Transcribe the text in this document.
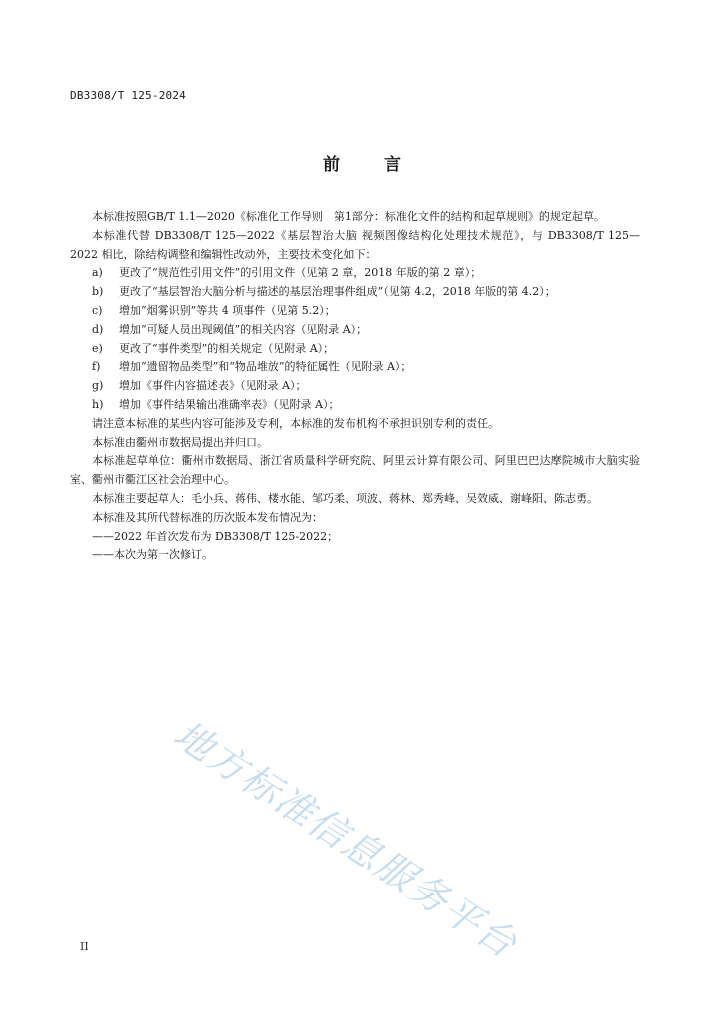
DB3308/T 125-2024
前	言

本标准按照GB/T 1.1—2020《标准化工作导则　第1部分：标准化文件的结构和起草规则》的规定起草。

本标准代替 DB3308/T 125—2022《基层智治大脑 视频图像结构化处理技术规范》，与 DB3308/T 125—2022 相比，除结构调整和编辑性改动外，主要技术变化如下：

a)	更改了“规范性引用文件”的引用文件（见第 2 章，2018 年版的第 2 章）；
b)	更改了“基层智治大脑分析与描述的基层治理事件组成”（见第 4.2，2018 年版的第 4.2）；
c)	增加“烟雾识别”等共 4 项事件（见第 5.2）；
d)	增加“可疑人员出现阈值”的相关内容（见附录 A）；
e)	更改了“事件类型”的相关规定（见附录 A）；
f)	增加“遗留物品类型”和“物品堆放”的特征属性（见附录 A）；
g)	增加《事件内容描述表》（见附录 A）；
h)	增加《事件结果输出准确率表》（见附录 A）；

请注意本标准的某些内容可能涉及专利，本标准的发布机构不承担识别专利的责任。

本标准由衢州市数据局提出并归口。

本标准起草单位：衢州市数据局、浙江省质量科学研究院、阿里云计算有限公司、阿里巴巴达摩院城市大脑实验室、衢州市衢江区社会治理中心。

本标准主要起草人：毛小兵、蒋伟、楼水能、邹巧柔、项波、蒋林、郑秀峰、吴效威、谢峰阳、陈志勇。

本标准及其所代替标准的历次版本发布情况为：

——2022 年首次发布为 DB3308/T 125-2022；

——本次为第一次修订。

地方标准信息服务平台
II
